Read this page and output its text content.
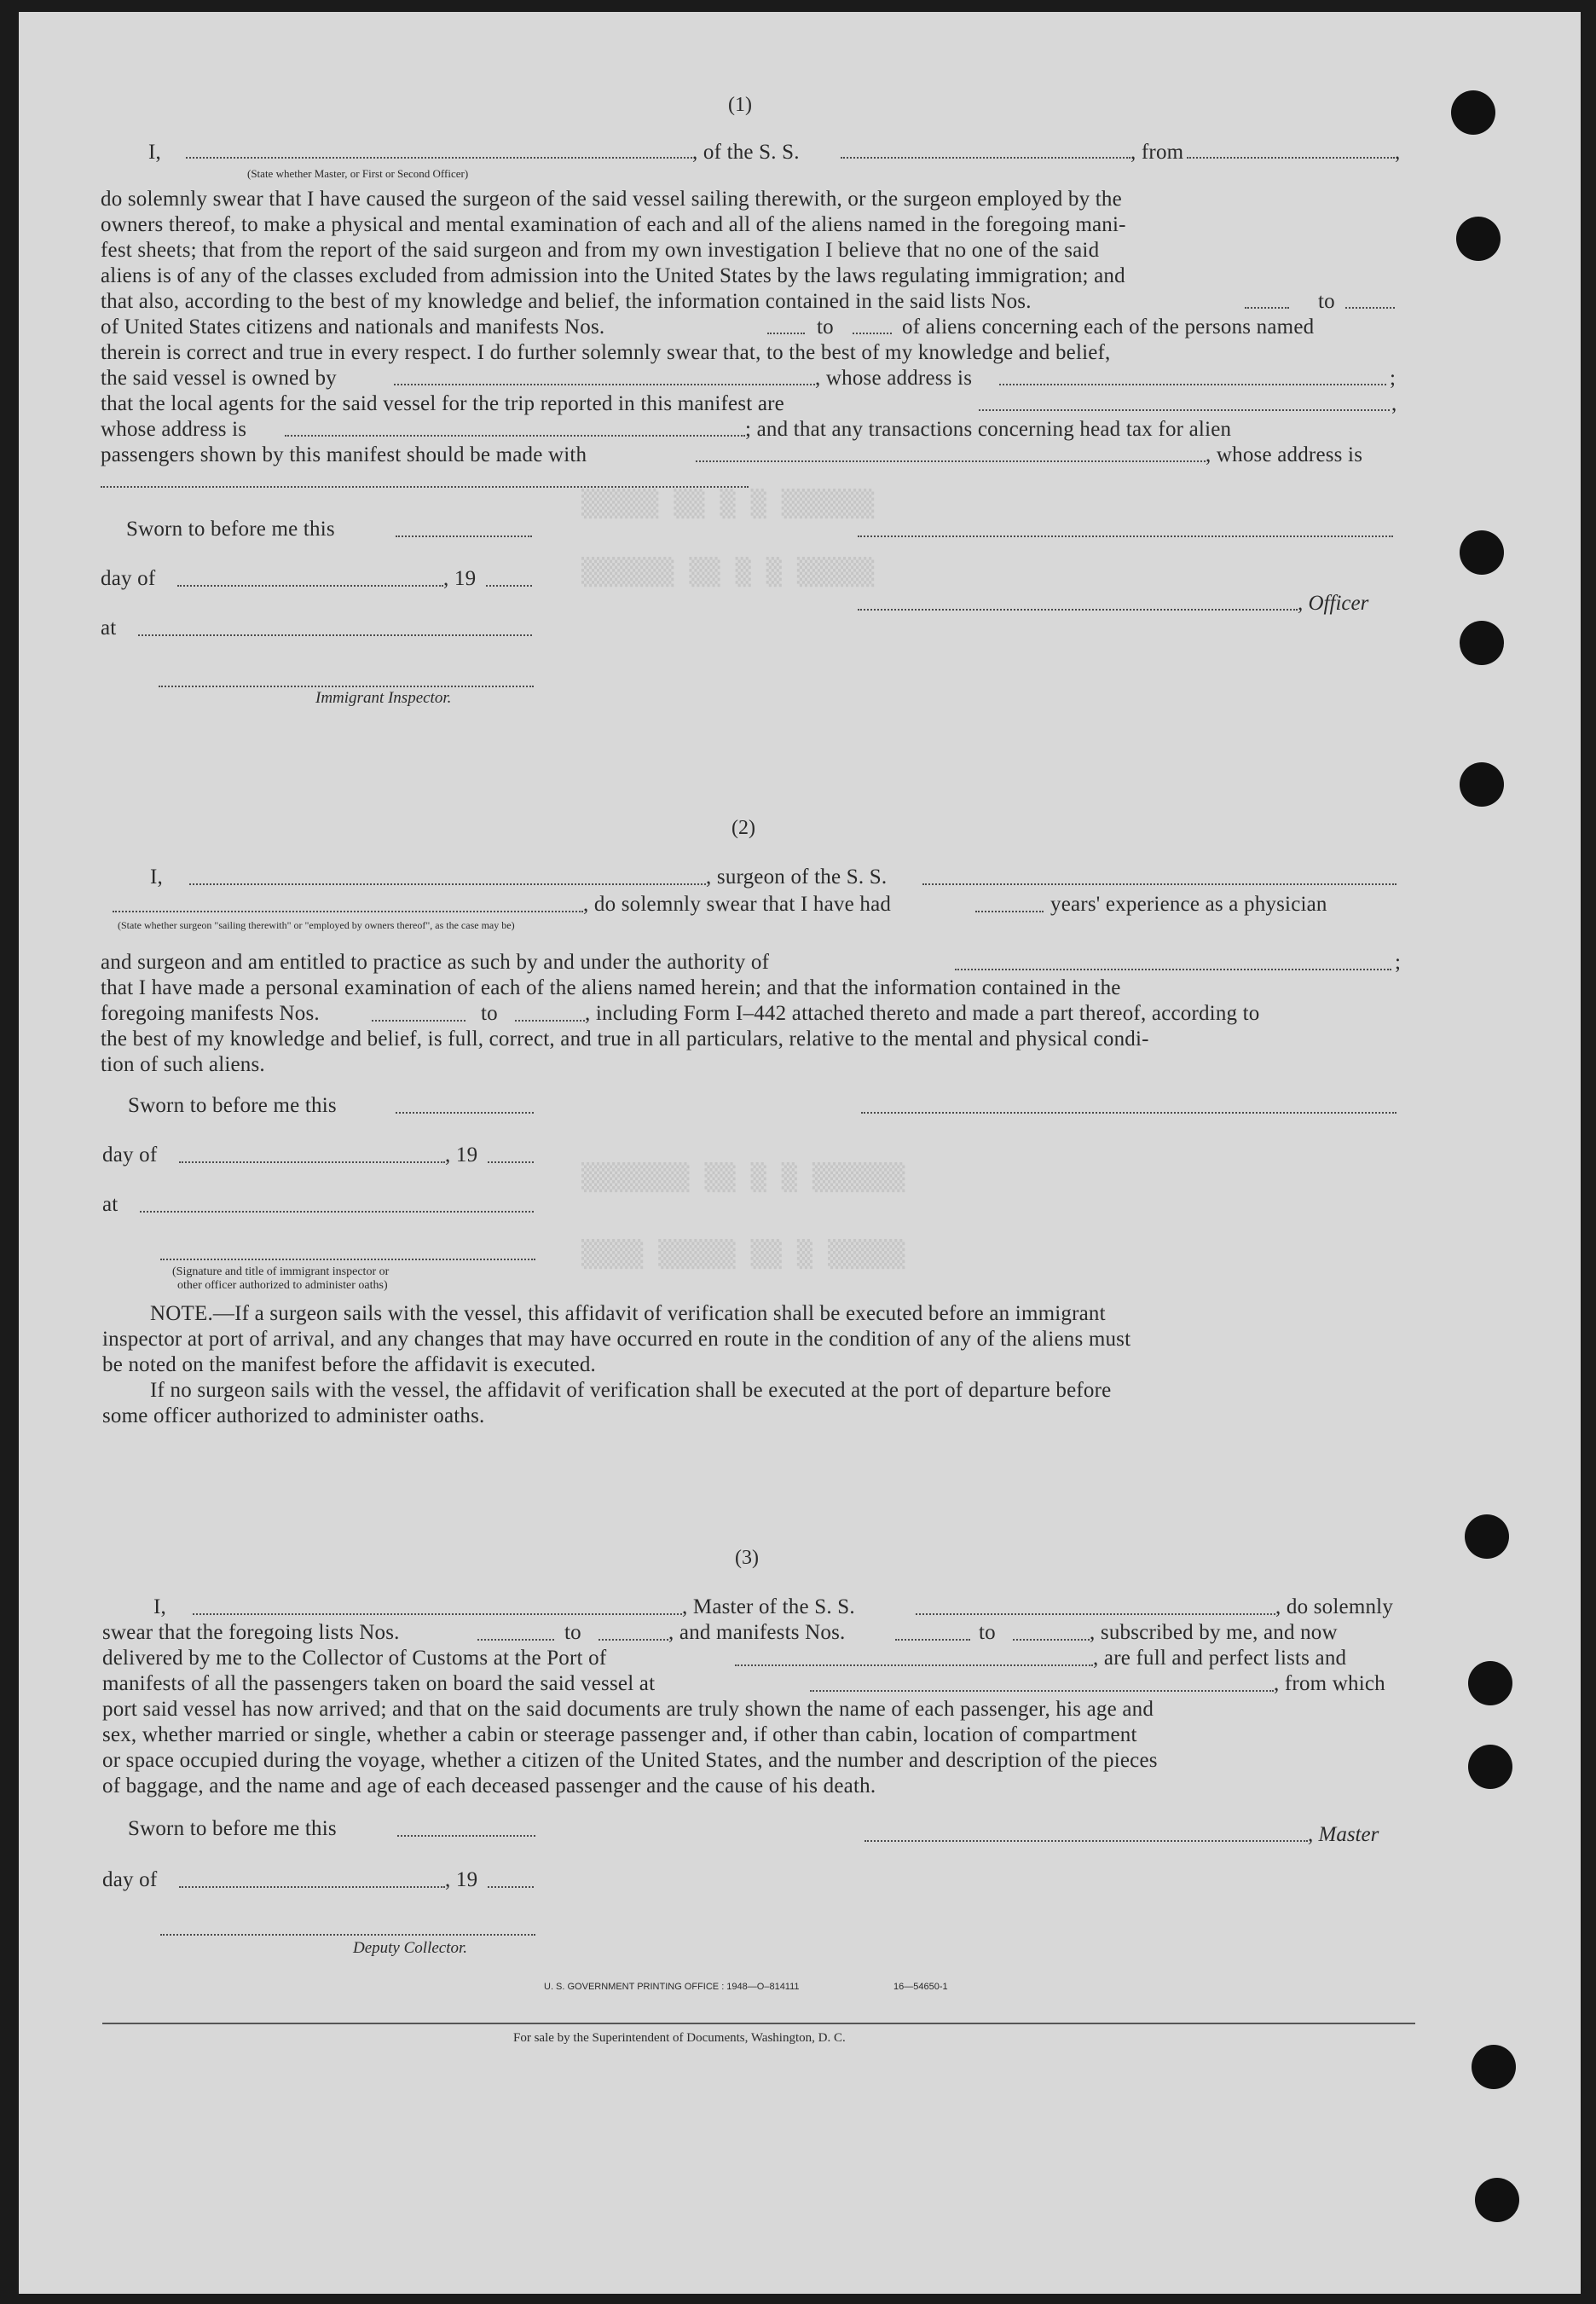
▒▒▒▒▒ ▒▒ ▒ ▒ ▒▒▒▒▒▒
▒▒▒▒▒▒ ▒▒ ▒ ▒ ▒▒▒▒▒
▒▒▒▒▒▒▒ ▒▒ ▒ ▒ ▒▒▒▒▒▒
▒▒▒▒ ▒▒▒▒▒ ▒▒ ▒ ▒▒▒▒▒
(1)
I,
(State whether Master, or First or Second Officer)
, of the S. S.	, from	,
do solemnly swear that I have caused the surgeon of the said vessel sailing therewith, or the surgeon employed by the
owners thereof, to make a physical and mental examination of each and all of the aliens named in the foregoing mani-
fest sheets; that from the report of the said surgeon and from my own investigation I believe that no one of the said
aliens is of any of the classes excluded from admission into the United States by the laws regulating immigration; and
that also, according to the best of my knowledge and belief, the information contained in the said lists Nos.	to
of United States citizens and nationals and manifests Nos.	to	of aliens concerning each of the persons named
therein is correct and true in every respect. I do further solemnly swear that, to the best of my knowledge and belief,
the said vessel is owned by	, whose address is	;
that the local agents for the said vessel for the trip reported in this manifest are	,
whose address is	; and that any transactions concerning head tax for alien
passengers shown by this manifest should be made with	, whose address is
Sworn to before me this
day of	, 19
, Officer
at
Immigrant Inspector.
(2)
I,	, surgeon of the S. S.
, do solemnly swear that I have had	years' experience as a physician
(State whether surgeon "sailing therewith" or "employed by owners thereof", as the case may be)
and surgeon and am entitled to practice as such by and under the authority of	;
that I have made a personal examination of each of the aliens named herein; and that the information contained in the
foregoing manifests Nos.	to	, including Form I–442 attached thereto and made a part thereof, according to
the best of my knowledge and belief, is full, correct, and true in all particulars, relative to the mental and physical condi-
tion of such aliens.
Sworn to before me this
day of	, 19
at
(Signature and title of immigrant inspector or
other officer authorized to administer oaths)
NOTE.—If a surgeon sails with the vessel, this affidavit of verification shall be executed before an immigrant
inspector at port of arrival, and any changes that may have occurred en route in the condition of any of the aliens must
be noted on the manifest before the affidavit is executed.
If no surgeon sails with the vessel, the affidavit of verification shall be executed at the port of departure before
some officer authorized to administer oaths.
(3)
I,	, Master of the S. S.	, do solemnly
swear that the foregoing lists Nos.	to	, and manifests Nos.	to	, subscribed by me, and now
delivered by me to the Collector of Customs at the Port of	, are full and perfect lists and
manifests of all the passengers taken on board the said vessel at	, from which
port said vessel has now arrived; and that on the said documents are truly shown the name of each passenger, his age and
sex, whether married or single, whether a cabin or steerage passenger and, if other than cabin, location of compartment
or space occupied during the voyage, whether a citizen of the United States, and the number and description of the pieces
of baggage, and the name and age of each deceased passenger and the cause of his death.
Sworn to before me this	, Master
day of	, 19
Deputy Collector.
U. S. GOVERNMENT PRINTING OFFICE : 1948—O–814111	16—54650-1
For sale by the Superintendent of Documents, Washington, D. C.
